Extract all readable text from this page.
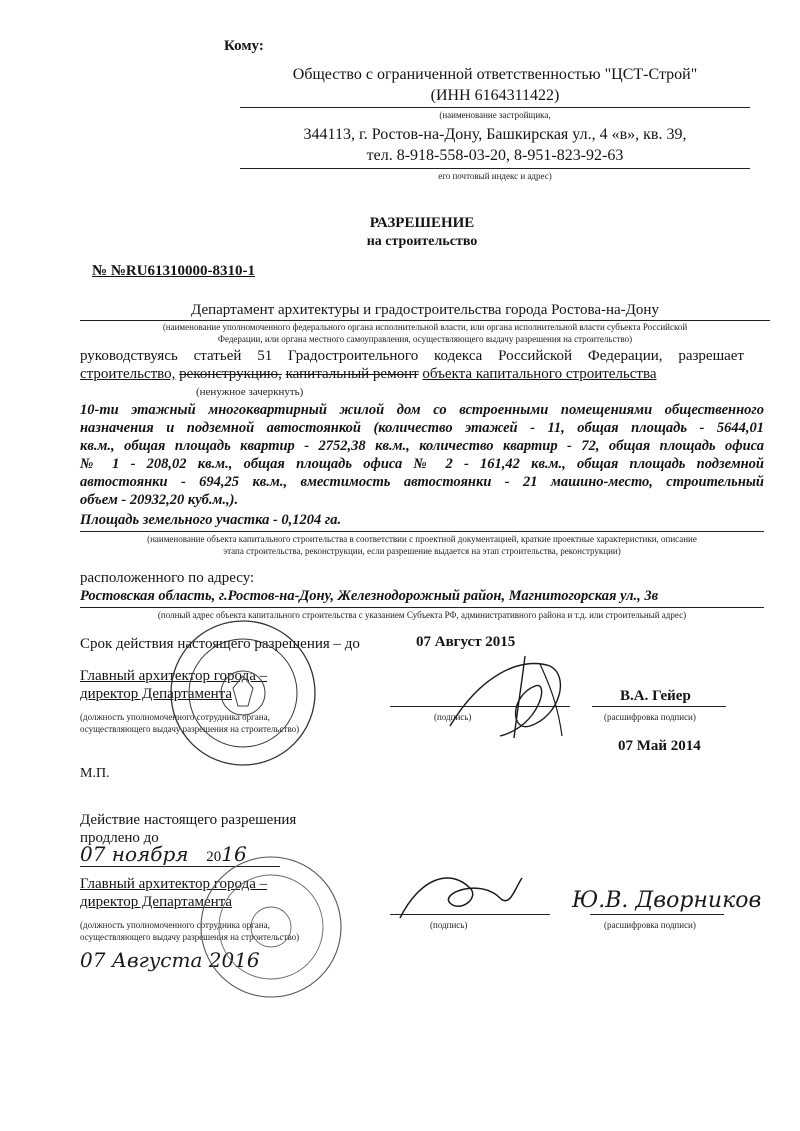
Кому:
Общество с ограниченной ответственностью "ЦСТ-Строй"
(ИНН 6164311422)
(наименование застройщика,
344113, г. Ростов-на-Дону, Башкирская ул., 4 «в», кв. 39,
тел. 8-918-558-03-20, 8-951-823-92-63
его почтовый индекс и адрес)
РАЗРЕШЕНИЕ
на строительство
№ №RU61310000-8310-1
Департамент архитектуры и градостроительства города Ростова-на-Дону
(наименование уполномоченного федерального органа исполнительной власти, или органа исполнительной власти субъекта Российской
Федерации, или органа местного самоуправления, осуществляющего выдачу разрешения на строительство)
руководствуясь статьей 51 Градостроительного кодекса Российской Федерации, разрешает
строительство, реконструкцию, капитальный ремонт объекта капитального строительства
(ненужное зачеркнуть)
10-ти этажный многоквартирный жилой дом со встроенными помещениями общественного
назначения и подземной автостоянкой (количество этажей - 11, общая площадь - 5644,01
кв.м., общая площадь квартир - 2752,38 кв.м., количество квартир - 72, общая площадь офиса
№ 1 - 208,02 кв.м., общая площадь офиса № 2 - 161,42 кв.м., общая площадь подземной
автостоянки - 694,25 кв.м., вместимость автостоянки - 21 машино-место, строительный
объем - 20932,20 куб.м.,).
Площадь земельного участка - 0,1204 га.
(наименование объекта капитального строительства в соответствии с проектной документацией, краткие проектные характеристики, описание
этапа строительства, реконструкции, если разрешение выдается на этап строительства, реконструкции)
расположенного по адресу:
Ростовская область, г.Ростов-на-Дону, Железнодорожный район, Магнитогорская ул., 3в
(полный адрес объекта капитального строительства с указанием Субъекта РФ, административного района и т.д. или строительный адрес)
Срок действия настоящего разрешения – до	07 Август 2015
Главный архитектор города –
директор Департамента
(должность уполномоченного сотрудника органа,
осуществляющего выдачу разрешения на строительство)
(подпись)
В.А. Гейер
(расшифровка подписи)
07 Май 2014
М.П.
Действие настоящего разрешения
продлено до
07 ноября 2016
Главный архитектор города –
директор Департамента
(должность уполномоченного сотрудника органа,
осуществляющего выдачу разрешения на строительство)
(подпись)
Ю.В. Дворников
(расшифровка подписи)
07 Августа 2016
